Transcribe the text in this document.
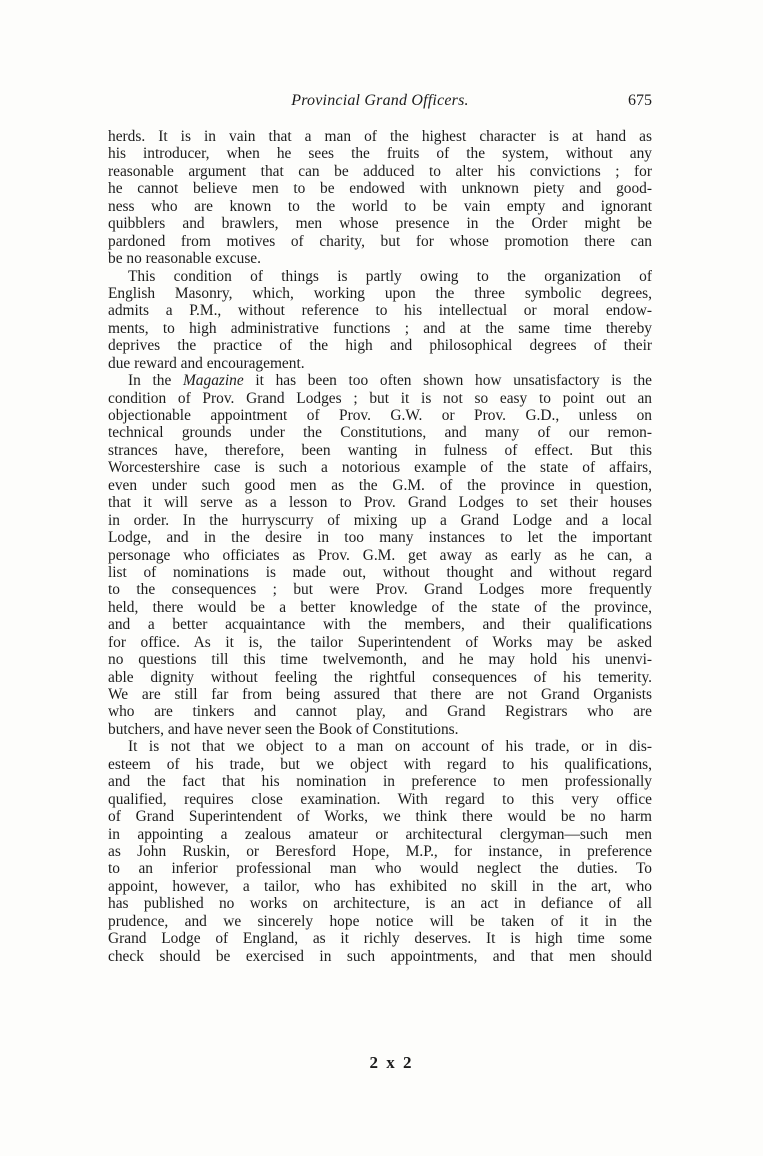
Provincial Grand Officers.	675
herds. It is in vain that a man of the highest character is at hand as
his introducer, when he sees the fruits of the system, without any
reasonable argument that can be adduced to alter his convictions ; for
he cannot believe men to be endowed with unknown piety and good-
ness who are known to the world to be vain empty and ignorant
quibblers and brawlers, men whose presence in the Order might be
pardoned from motives of charity, but for whose promotion there can
be no reasonable excuse.
This condition of things is partly owing to the organization of
English Masonry, which, working upon the three symbolic degrees,
admits a P.M., without reference to his intellectual or moral endow-
ments, to high administrative functions ; and at the same time thereby
deprives the practice of the high and philosophical degrees of their
due reward and encouragement.
In the Magazine it has been too often shown how unsatisfactory is the
condition of Prov. Grand Lodges ; but it is not so easy to point out an
objectionable appointment of Prov. G.W. or Prov. G.D., unless on
technical grounds under the Constitutions, and many of our remon-
strances have, therefore, been wanting in fulness of effect. But this
Worcestershire case is such a notorious example of the state of affairs,
even under such good men as the G.M. of the province in question,
that it will serve as a lesson to Prov. Grand Lodges to set their houses
in order. In the hurryscurry of mixing up a Grand Lodge and a local
Lodge, and in the desire in too many instances to let the important
personage who officiates as Prov. G.M. get away as early as he can, a
list of nominations is made out, without thought and without regard
to the consequences ; but were Prov. Grand Lodges more frequently
held, there would be a better knowledge of the state of the province,
and a better acquaintance with the members, and their qualifications
for office. As it is, the tailor Superintendent of Works may be asked
no questions till this time twelvemonth, and he may hold his unenvi-
able dignity without feeling the rightful consequences of his temerity.
We are still far from being assured that there are not Grand Organists
who are tinkers and cannot play, and Grand Registrars who are
butchers, and have never seen the Book of Constitutions.
It is not that we object to a man on account of his trade, or in dis-
esteem of his trade, but we object with regard to his qualifications,
and the fact that his nomination in preference to men professionally
qualified, requires close examination. With regard to this very office
of Grand Superintendent of Works, we think there would be no harm
in appointing a zealous amateur or architectural clergyman—such men
as John Ruskin, or Beresford Hope, M.P., for instance, in preference
to an inferior professional man who would neglect the duties. To
appoint, however, a tailor, who has exhibited no skill in the art, who
has published no works on architecture, is an act in defiance of all
prudence, and we sincerely hope notice will be taken of it in the
Grand Lodge of England, as it richly deserves. It is high time some
check should be exercised in such appointments, and that men should
2 x 2
